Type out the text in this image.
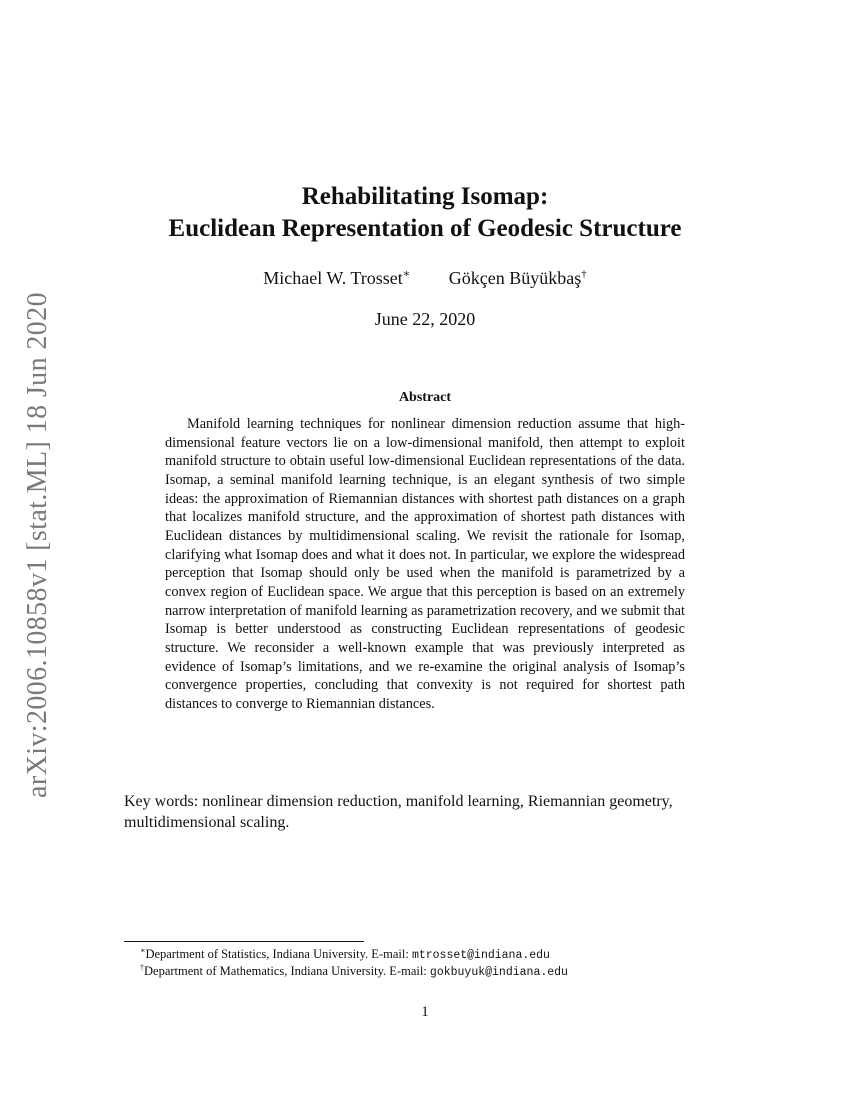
arXiv:2006.10858v1 [stat.ML] 18 Jun 2020
Rehabilitating Isomap:
Euclidean Representation of Geodesic Structure
Michael W. Trosset∗ Gökçen Büyükbaş†
June 22, 2020
Abstract

Manifold learning techniques for nonlinear dimension reduction assume that high-dimensional feature vectors lie on a low-dimensional manifold, then attempt to exploit manifold structure to obtain useful low-dimensional Euclidean representations of the data. Isomap, a seminal manifold learning technique, is an elegant synthesis of two simple ideas: the approximation of Riemannian distances with shortest path distances on a graph that localizes manifold structure, and the approximation of shortest path distances with Euclidean distances by multidimensional scaling. We revisit the rationale for Isomap, clarifying what Isomap does and what it does not. In particular, we explore the widespread perception that Isomap should only be used when the manifold is parametrized by a convex region of Euclidean space. We argue that this perception is based on an extremely narrow interpretation of manifold learning as parametrization recovery, and we submit that Isomap is better understood as constructing Euclidean representations of geodesic structure. We reconsider a well-known example that was previously interpreted as evidence of Isomap’s limitations, and we re-examine the original analysis of Isomap’s convergence properties, concluding that convexity is not required for shortest path distances to converge to Riemannian distances.

Key words: nonlinear dimension reduction, manifold learning, Riemannian geometry, multidimensional scaling.

∗Department of Statistics, Indiana University. E-mail: mtrosset@indiana.edu
†Department of Mathematics, Indiana University. E-mail: gokbuyuk@indiana.edu
1
